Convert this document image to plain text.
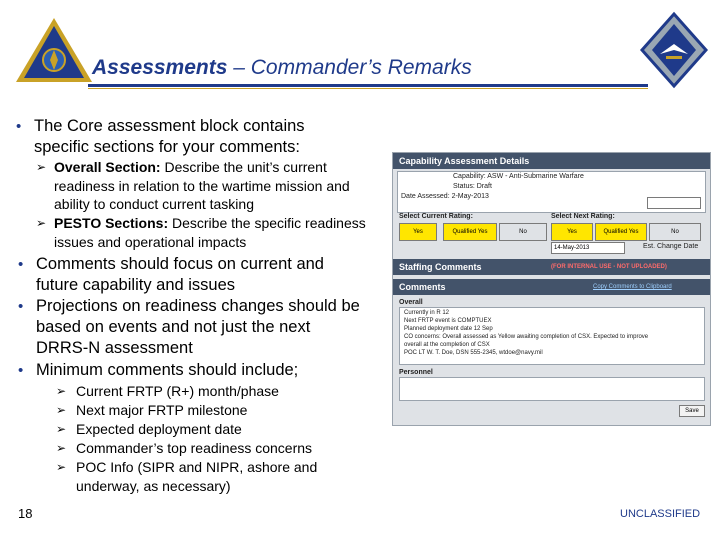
Assessments – Commander’s Remarks
• The Core assessment block contains specific sections for your comments:
➢ Overall Section: Describe the unit’s current readiness in relation to the wartime mission and ability to conduct current tasking
➢ PESTO Sections: Describe the specific readiness issues and operational impacts
• Comments should focus on current and future capability and issues
• Projections on readiness changes should be based on events and not just the next DRRS-N assessment
• Minimum comments should include;
➢ Current FRTP (R+) month/phase
➢ Next major FRTP milestone
➢ Expected deployment date
➢ Commander’s top readiness concerns
➢ POC Info (SIPR and NIPR, ashore and underway, as necessary)
Capability Assessment Details
Capability: ASW - Anti-Submarine Warfare
Status: Draft
Date Assessed: 2-May-2013
Select Current Rating:	Select Next Rating:
Yes	Qualified Yes	No	Yes	Qualified Yes	No
14-May-2013	Est. Change Date
Staffing Comments	(FOR INTERNAL USE - NOT UPLOADED)
Comments	Copy Comments to Clipboard
Overall
Currently in R 12
Next FRTP event is COMPTUEX
Planned deployment date 12 Sep
CO concerns: Overall assessed as Yellow awaiting completion of CSX. Expected to improve
overall at the completion of CSX
POC LT W. T. Doe, DSN 555-2345, wtdoe@navy.mil
Personnel
Save
18	UNCLASSIFIED
